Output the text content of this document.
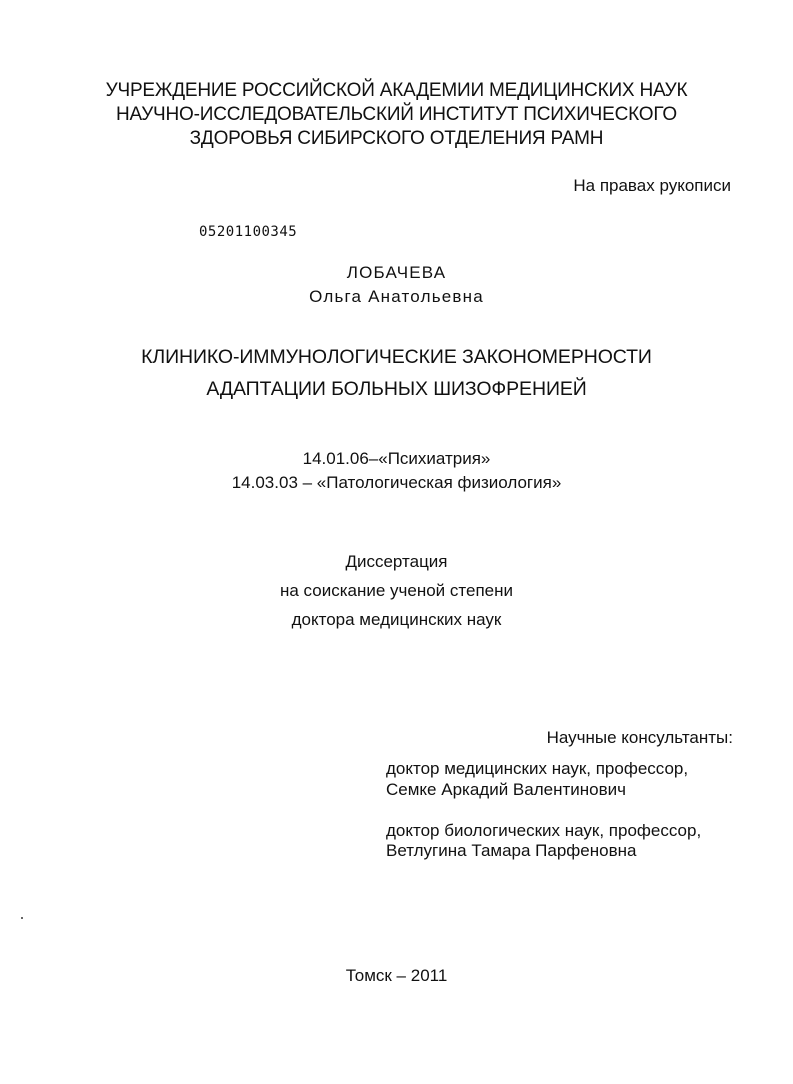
УЧРЕЖДЕНИЕ РОССИЙСКОЙ АКАДЕМИИ МЕДИЦИНСКИХ НАУК
НАУЧНО-ИССЛЕДОВАТЕЛЬСКИЙ ИНСТИТУТ ПСИХИЧЕСКОГО
ЗДОРОВЬЯ СИБИРСКОГО ОТДЕЛЕНИЯ РАМН
На правах рукописи
05201100345
ЛОБАЧЕВА
Ольга Анатольевна
КЛИНИКО-ИММУНОЛОГИЧЕСКИЕ ЗАКОНОМЕРНОСТИ
АДАПТАЦИИ БОЛЬНЫХ ШИЗОФРЕНИЕЙ
14.01.06–«Психиатрия»
14.03.03 – «Патологическая физиология»
Диссертация
на соискание ученой степени
доктора медицинских наук
Научные консультанты:
доктор медицинских наук, профессор,
Семке Аркадий Валентинович
доктор биологических наук, профессор,
Ветлугина Тамара Парфеновна
Томск – 2011
